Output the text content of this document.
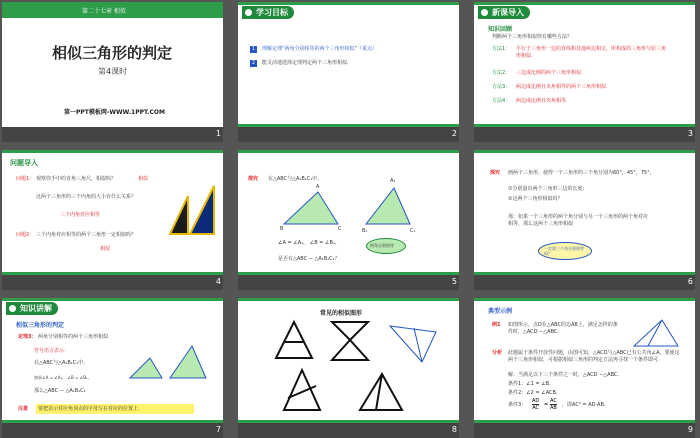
第二十七章 相似
相似三角形的判定
第4课时
第一PPT模板网-WWW.1PPT.COM
1
学习目标
1	理解定理“两角分别相等的两个三角形相似”（重点）
2	能灵活地选择定理判定两个三角形相似.
2
新课导入
知识回顾
判断两个三角形相似你有哪些方法？
方法1： 平行于三角形一边的直线和其他两边相交，所构成的三角形与原三角形相似.
方法2： 三边成比例的两个三角形相似.
方法3： 两边成比例且夹角相等的两个三角形相似.
方法4： 两边成比例且夹角相等.
3
问题导入
问题1： 观察你手中的直角三角尺，相似吗？	相似
这两个三角形的三个内角的大小有什么关系？
三个内角对应相等
问题2： 三个内角对应相等的两个三角形一定相似吗？
相似
4
探究 在△ABC与△A₁B₁C₁中，
A
B	C
A₁
B₁	C₁
∠A = ∠A₁， ∠B = ∠B₁，	两角分别相等
是否有△ABC ∽ △A₁B₁C₁？
5
探究 画两个三角形，使得一个三角形的三个角分别为60°，45°，75°，
①分别量出两个三角形三边的长度；
②这两个三角形相似吗？
那：如果一个三角形的两个角分别与另一个三角形的两个角对应相等，那么这两个三角形相似
一定需三个角分别相等吗？
6
知识讲解
相似三角形的判定
定理3： 两角分别相等的两个三角形相似.
符号语言表示：
在△ABC与△A₁B₁C₁中，
如果∠A = ∠A₁， ∠B = ∠B₁，
那么△ABC ∽ △A₁B₁C₁
注意 要把表示对应角顶点的字母写在对应的位置上.
7
常见的相似图形
8
典型示例
例1 如图所示，点D在△ABC的边AB上，满足怎样的条件时，△ACD ∽△ABC.
分析 此题属于条件开放性问题，由图可知，△ACD与△ABC已有公共角∠A，要使这两个三角形相似，可根据相似三角形的判定方法再寻找一个条件即可.
解：当满足以下三个条件之一时，△ACD ∽△ABC.
条件1：∠1 = ∠B.
条件2：∠2 = ∠ACB.
条件3：
AD
AC =
AC
AB ，即AC² = AD·AB.
9
